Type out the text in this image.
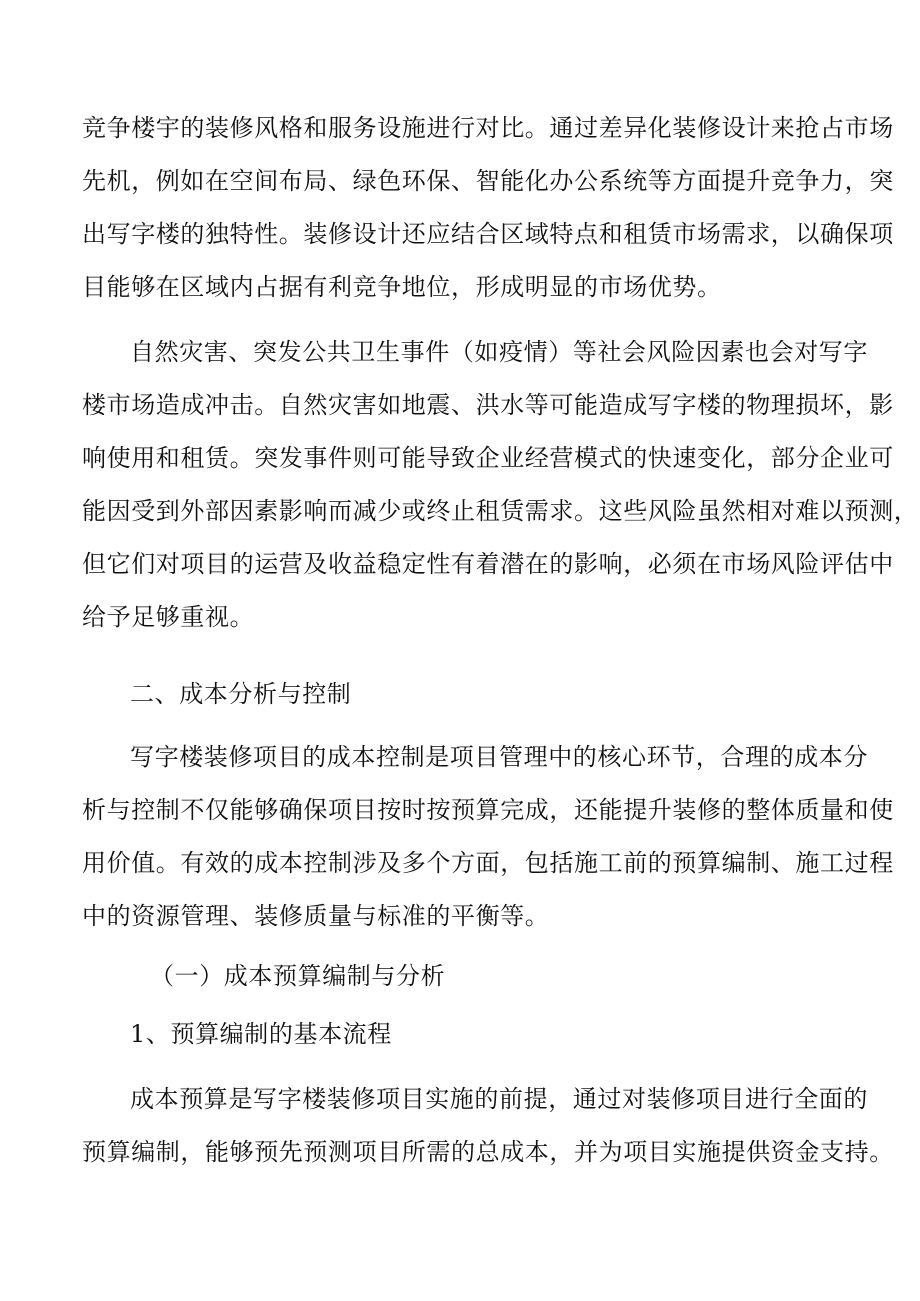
竞争楼宇的装修风格和服务设施进行对比。通过差异化装修设计来抢占市场
先机，例如在空间布局、绿色环保、智能化办公系统等方面提升竞争力，突
出写字楼的独特性。装修设计还应结合区域特点和租赁市场需求，以确保项
目能够在区域内占据有利竞争地位，形成明显的市场优势。
自然灾害、突发公共卫生事件（如疫情）等社会风险因素也会对写字
楼市场造成冲击。自然灾害如地震、洪水等可能造成写字楼的物理损坏，影
响使用和租赁。突发事件则可能导致企业经营模式的快速变化，部分企业可
能因受到外部因素影响而减少或终止租赁需求。这些风险虽然相对难以预测，
但它们对项目的运营及收益稳定性有着潜在的影响，必须在市场风险评估中
给予足够重视。
二、成本分析与控制
写字楼装修项目的成本控制是项目管理中的核心环节，合理的成本分
析与控制不仅能够确保项目按时按预算完成，还能提升装修的整体质量和使
用价值。有效的成本控制涉及多个方面，包括施工前的预算编制、施工过程
中的资源管理、装修质量与标准的平衡等。
（一）成本预算编制与分析
1、预算编制的基本流程
成本预算是写字楼装修项目实施的前提，通过对装修项目进行全面的
预算编制，能够预先预测项目所需的总成本，并为项目实施提供资金支持。
